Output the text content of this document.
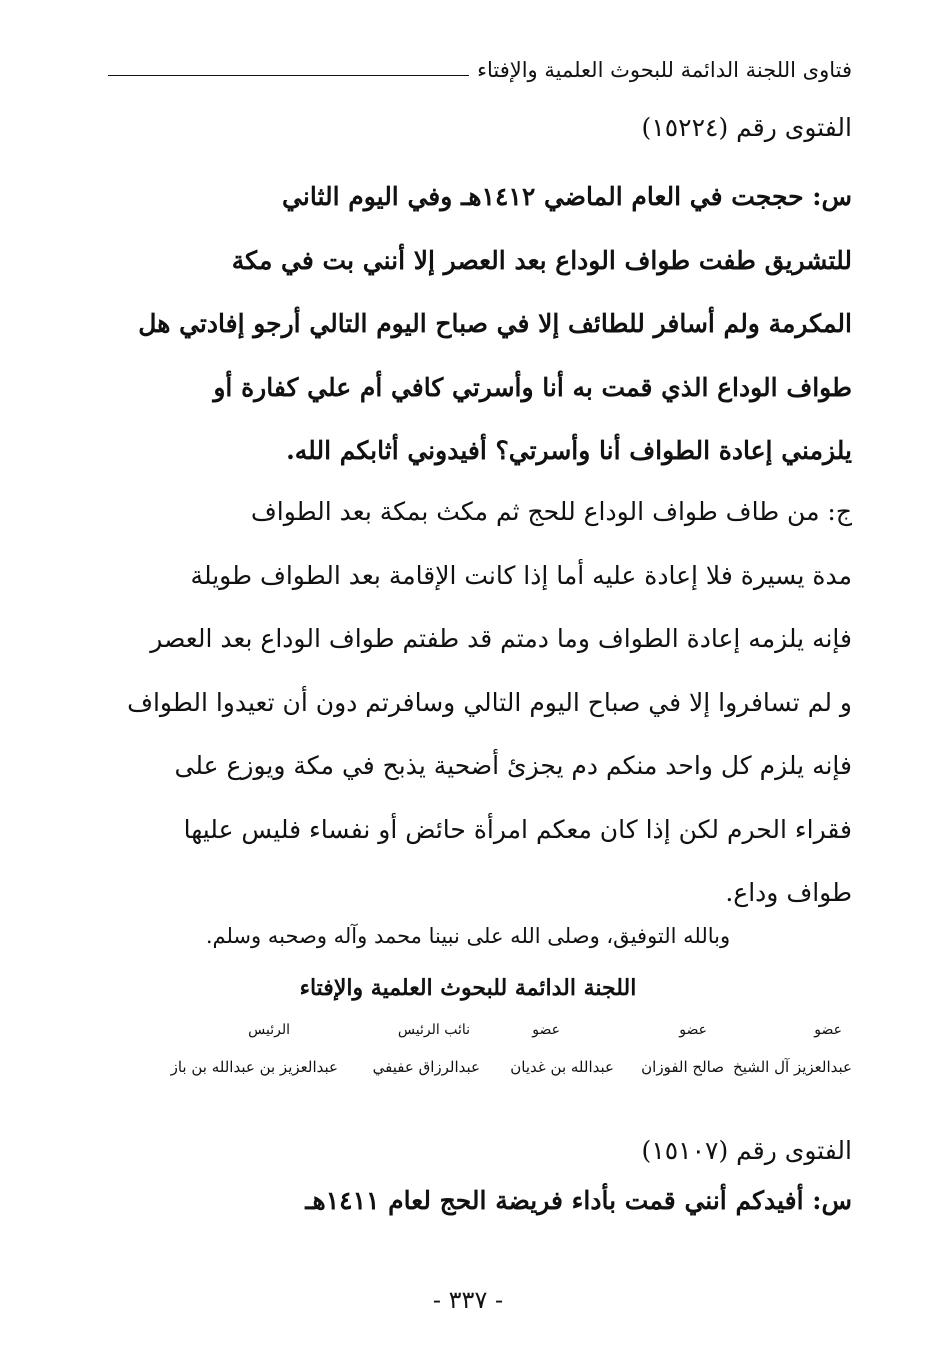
فتاوى اللجنة الدائمة للبحوث العلمية والإفتاء
الفتوى رقم (١٥٢٢٤)
س: حججت في العام الماضي ١٤١٢هـ وفي اليوم الثاني
للتشريق طفت طواف الوداع بعد العصر إلا أنني بت في مكة
المكرمة ولم أسافر للطائف إلا في صباح اليوم التالي أرجو إفادتي هل
طواف الوداع الذي قمت به أنا وأسرتي كافي أم علي كفارة أو
يلزمني إعادة الطواف أنا وأسرتي؟ أفيدوني أثابكم الله.
ج: من طاف طواف الوداع للحج ثم مكث بمكة بعد الطواف
مدة يسيرة فلا إعادة عليه أما إذا كانت الإقامة بعد الطواف طويلة
فإنه يلزمه إعادة الطواف وما دمتم قد طفتم طواف الوداع بعد العصر
و لم تسافروا إلا في صباح اليوم التالي وسافرتم دون أن تعيدوا الطواف
فإنه يلزم كل واحد منكم دم يجزئ أضحية يذبح في مكة ويوزع على
فقراء الحرم لكن إذا كان معكم امرأة حائض أو نفساء فليس عليها
طواف وداع.
وبالله التوفيق، وصلى الله على نبينا محمد وآله وصحبه وسلم.
اللجنة الدائمة للبحوث العلمية والإفتاء
عضو
عضو
عضو
نائب الرئيس
الرئيس
عبدالعزيز آل الشيخ
صالح الفوزان
عبدالله بن غديان
عبدالرزاق عفيفي
عبدالعزيز بن عبدالله بن باز
الفتوى رقم (١٥١٠٧)
س: أفيدكم أنني قمت بأداء فريضة الحج لعام ١٤١١هـ
- ٣٣٧ -
